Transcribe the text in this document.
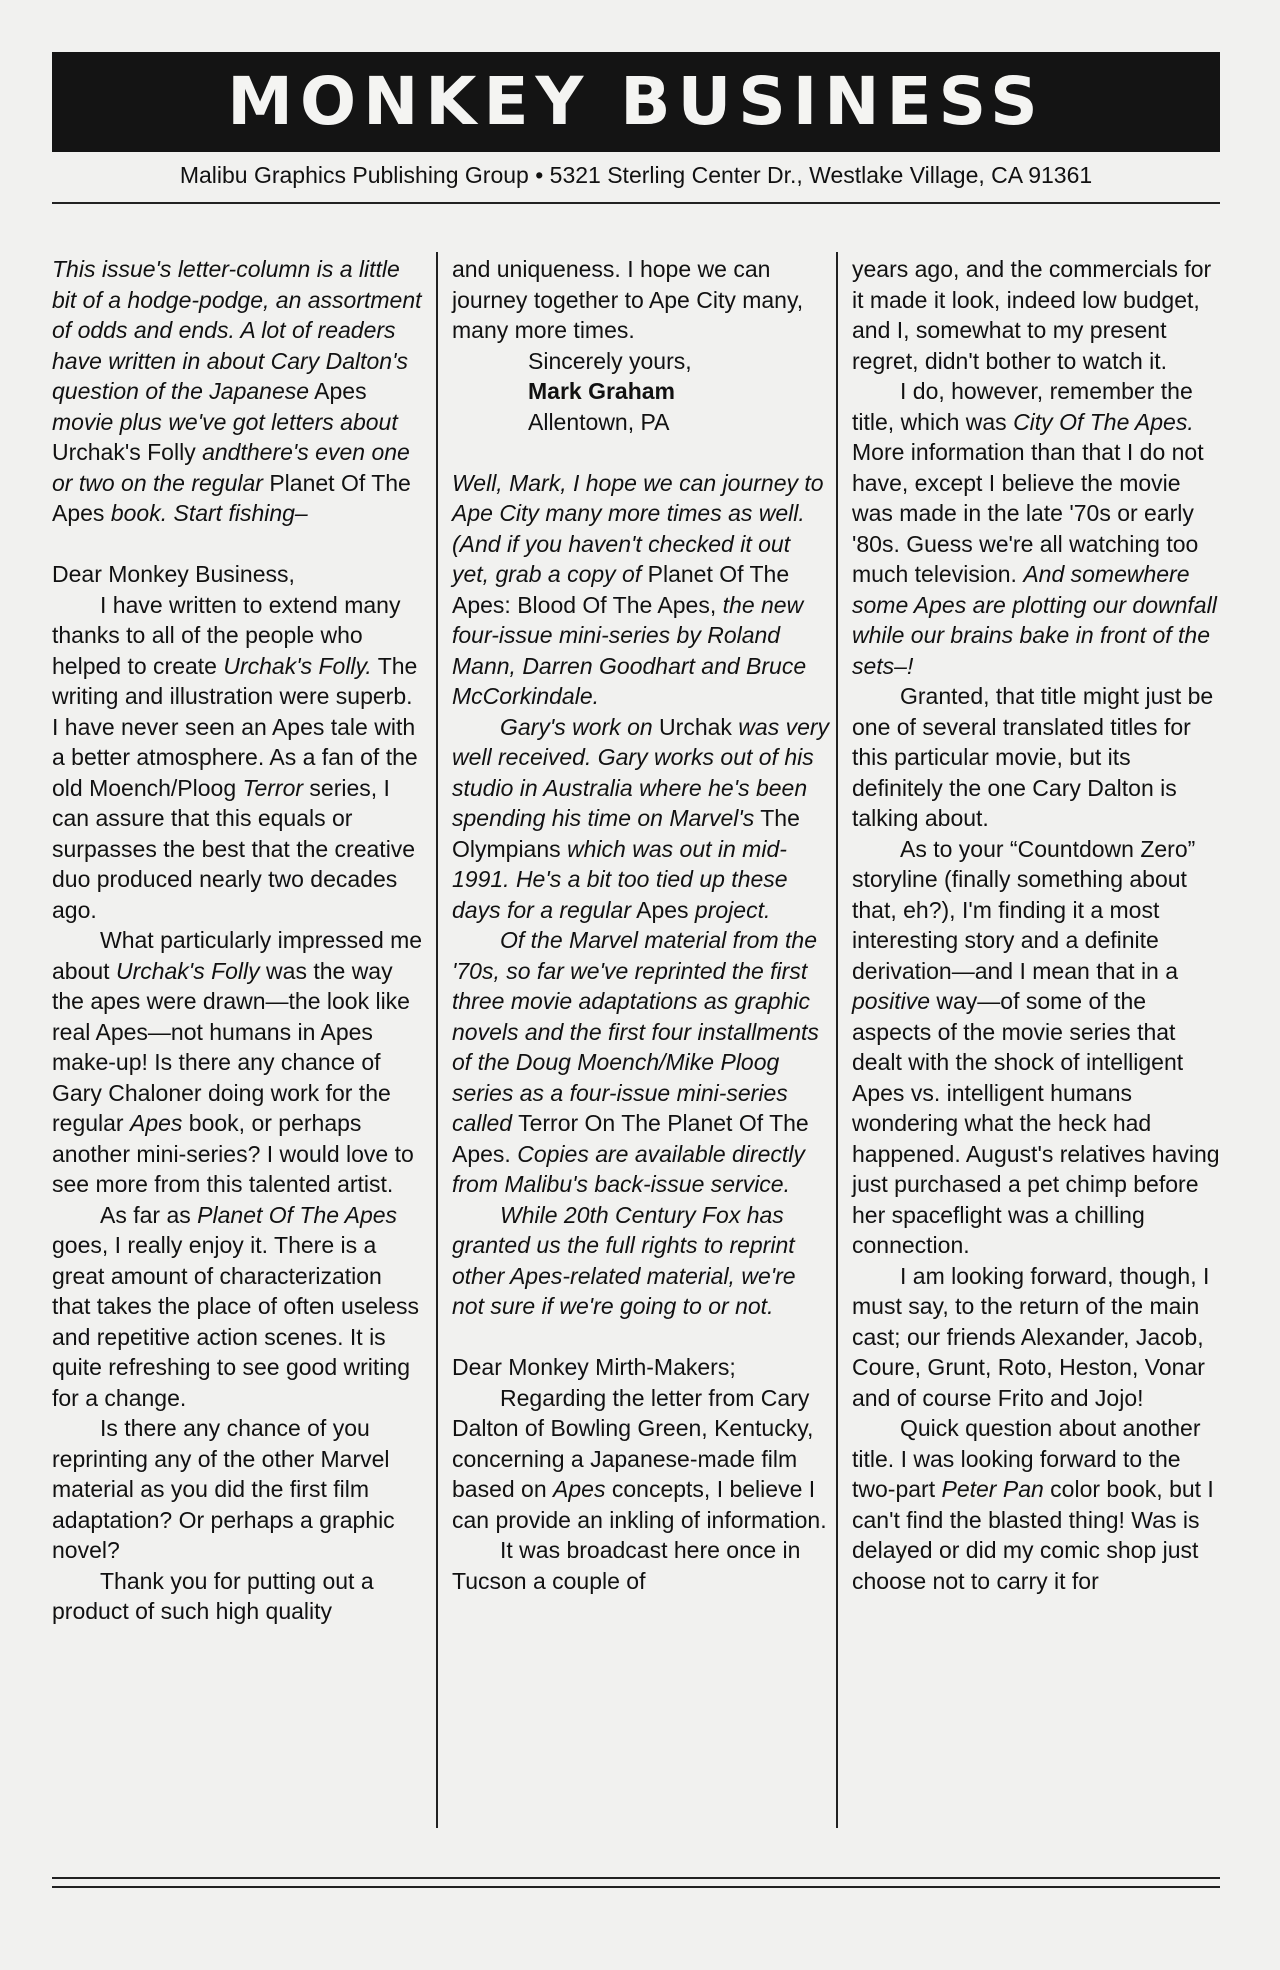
MONKEY BUSINESS
Malibu Graphics Publishing Group • 5321 Sterling Center Dr., Westlake Village, CA 91361

This issue's letter-column is a little bit of a hodge-podge, an assortment of odds and ends. A lot of readers have written in about Cary Dalton's question of the Japanese Apes movie plus we've got letters about Urchak's Folly andthere's even one or two on the regular Planet Of The Apes book. Start fishing–

Dear Monkey Business,

I have written to extend many thanks to all of the people who helped to create Urchak's Folly. The writing and illustration were superb. I have never seen an Apes tale with a better atmosphere. As a fan of the old Moench/Ploog Terror series, I can assure that this equals or surpasses the best that the creative duo produced nearly two decades ago.

What particularly impressed me about Urchak's Folly was the way the apes were drawn—the look like real Apes—not humans in Apes make-up! Is there any chance of Gary Chaloner doing work for the regular Apes book, or perhaps another mini-series? I would love to see more from this talented artist.

As far as Planet Of The Apes goes, I really enjoy it. There is a great amount of characterization that takes the place of often useless and repetitive action scenes. It is quite refreshing to see good writing for a change.

Is there any chance of you reprinting any of the other Marvel material as you did the first film adaptation? Or perhaps a graphic novel?

Thank you for putting out a product of such high quality

and uniqueness. I hope we can journey together to Ape City many, many more times.

Sincerely yours,

Mark Graham

Allentown, PA

Well, Mark, I hope we can journey to Ape City many more times as well. (And if you haven't checked it out yet, grab a copy of Planet Of The Apes: Blood Of The Apes, the new four-issue mini-series by Roland Mann, Darren Goodhart and Bruce McCorkindale.

Gary's work on Urchak was very well received. Gary works out of his studio in Australia where he's been spending his time on Marvel's The Olympians which was out in mid-1991. He's a bit too tied up these days for a regular Apes project.

Of the Marvel material from the '70s, so far we've reprinted the first three movie adaptations as graphic novels and the first four installments of the Doug Moench/Mike Ploog series as a four-issue mini-series called Terror On The Planet Of The Apes. Copies are available directly from Malibu's back-issue service.

While 20th Century Fox has granted us the full rights to reprint other Apes-related material, we're not sure if we're going to or not.

Dear Monkey Mirth-Makers;

Regarding the letter from Cary Dalton of Bowling Green, Kentucky, concerning a Japanese-made film based on Apes concepts, I believe I can provide an inkling of information.

It was broadcast here once in Tucson a couple of

years ago, and the commercials for it made it look, indeed low budget, and I, somewhat to my present regret, didn't bother to watch it.

I do, however, remember the title, which was City Of The Apes. More information than that I do not have, except I believe the movie was made in the late '70s or early '80s. Guess we're all watching too much television. And somewhere some Apes are plotting our downfall while our brains bake in front of the sets–!

Granted, that title might just be one of several translated titles for this particular movie, but its definitely the one Cary Dalton is talking about.

As to your “Countdown Zero” storyline (finally something about that, eh?), I'm finding it a most interesting story and a definite derivation—and I mean that in a positive way—of some of the aspects of the movie series that dealt with the shock of intelligent Apes vs. intelligent humans wondering what the heck had happened. August's relatives having just purchased a pet chimp before her spaceflight was a chilling connection.

I am looking forward, though, I must say, to the return of the main cast; our friends Alexander, Jacob, Coure, Grunt, Roto, Heston, Vonar and of course Frito and Jojo!

Quick question about another title. I was looking forward to the two-part Peter Pan color book, but I can't find the blasted thing! Was is delayed or did my comic shop just choose not to carry it for
